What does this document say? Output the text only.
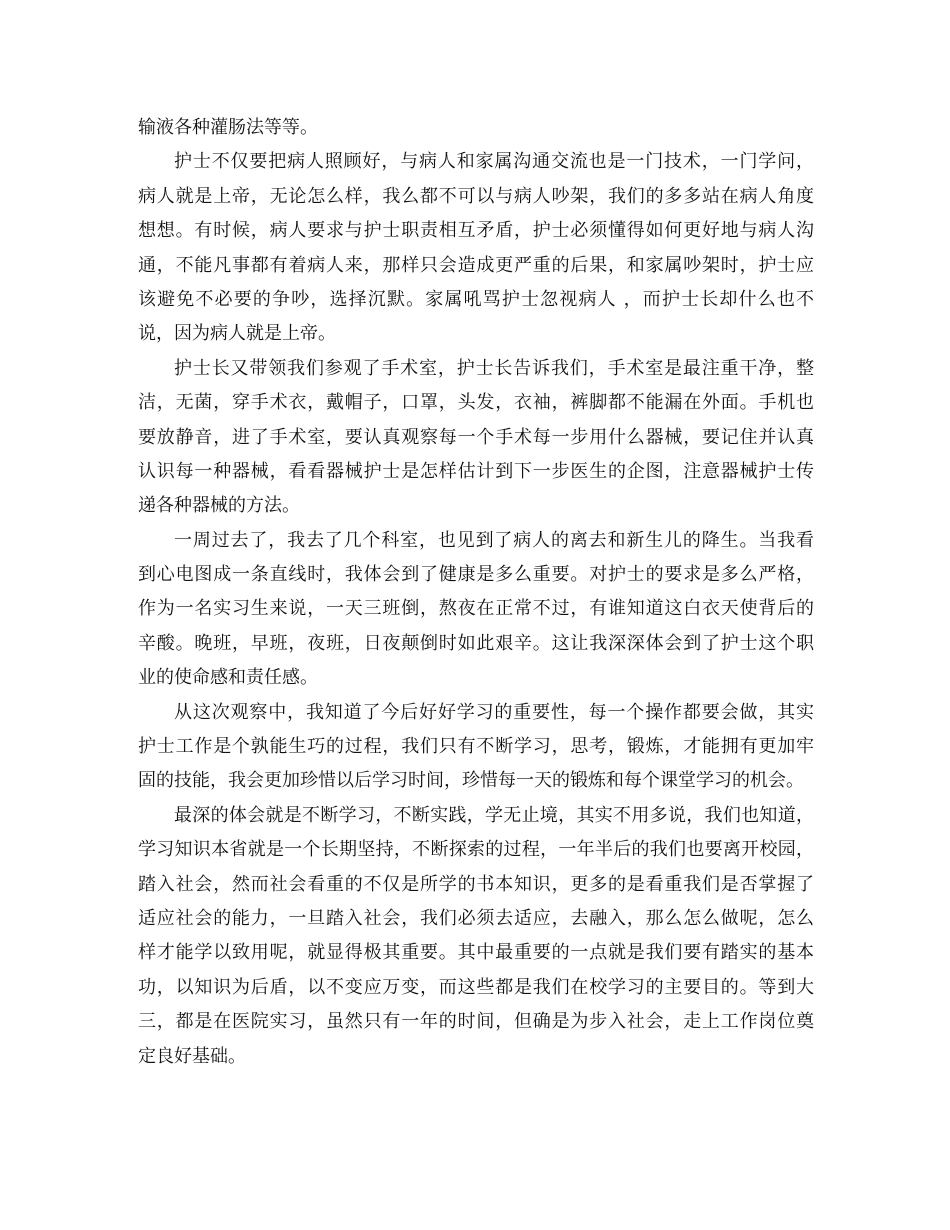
输液各种灌肠法等等。
护士不仅要把病人照顾好，与病人和家属沟通交流也是一门技术，一门学问，
病人就是上帝，无论怎么样，我么都不可以与病人吵架，我们的多多站在病人角度
想想。有时候，病人要求与护士职责相互矛盾，护士必须懂得如何更好地与病人沟
通，不能凡事都有着病人来，那样只会造成更严重的后果，和家属吵架时，护士应
该避免不必要的争吵，选择沉默。家属吼骂护士忽视病人 ，而护士长却什么也不
说，因为病人就是上帝。
护士长又带领我们参观了手术室，护士长告诉我们，手术室是最注重干净，整
洁，无菌，穿手术衣，戴帽子，口罩，头发，衣袖，裤脚都不能漏在外面。手机也
要放静音，进了手术室，要认真观察每一个手术每一步用什么器械，要记住并认真
认识每一种器械，看看器械护士是怎样估计到下一步医生的企图，注意器械护士传
递各种器械的方法。
一周过去了，我去了几个科室，也见到了病人的离去和新生儿的降生。当我看
到心电图成一条直线时，我体会到了健康是多么重要。对护士的要求是多么严格，
作为一名实习生来说，一天三班倒，熬夜在正常不过，有谁知道这白衣天使背后的
辛酸。晚班，早班，夜班，日夜颠倒时如此艰辛。这让我深深体会到了护士这个职
业的使命感和责任感。
从这次观察中，我知道了今后好好学习的重要性，每一个操作都要会做，其实
护士工作是个孰能生巧的过程，我们只有不断学习，思考，锻炼，才能拥有更加牢
固的技能，我会更加珍惜以后学习时间，珍惜每一天的锻炼和每个课堂学习的机会。
最深的体会就是不断学习，不断实践，学无止境，其实不用多说，我们也知道，
学习知识本省就是一个长期坚持，不断探索的过程，一年半后的我们也要离开校园，
踏入社会，然而社会看重的不仅是所学的书本知识，更多的是看重我们是否掌握了
适应社会的能力，一旦踏入社会，我们必须去适应，去融入，那么怎么做呢，怎么
样才能学以致用呢，就显得极其重要。其中最重要的一点就是我们要有踏实的基本
功，以知识为后盾，以不变应万变，而这些都是我们在校学习的主要目的。等到大
三，都是在医院实习，虽然只有一年的时间，但确是为步入社会，走上工作岗位奠
定良好基础。
